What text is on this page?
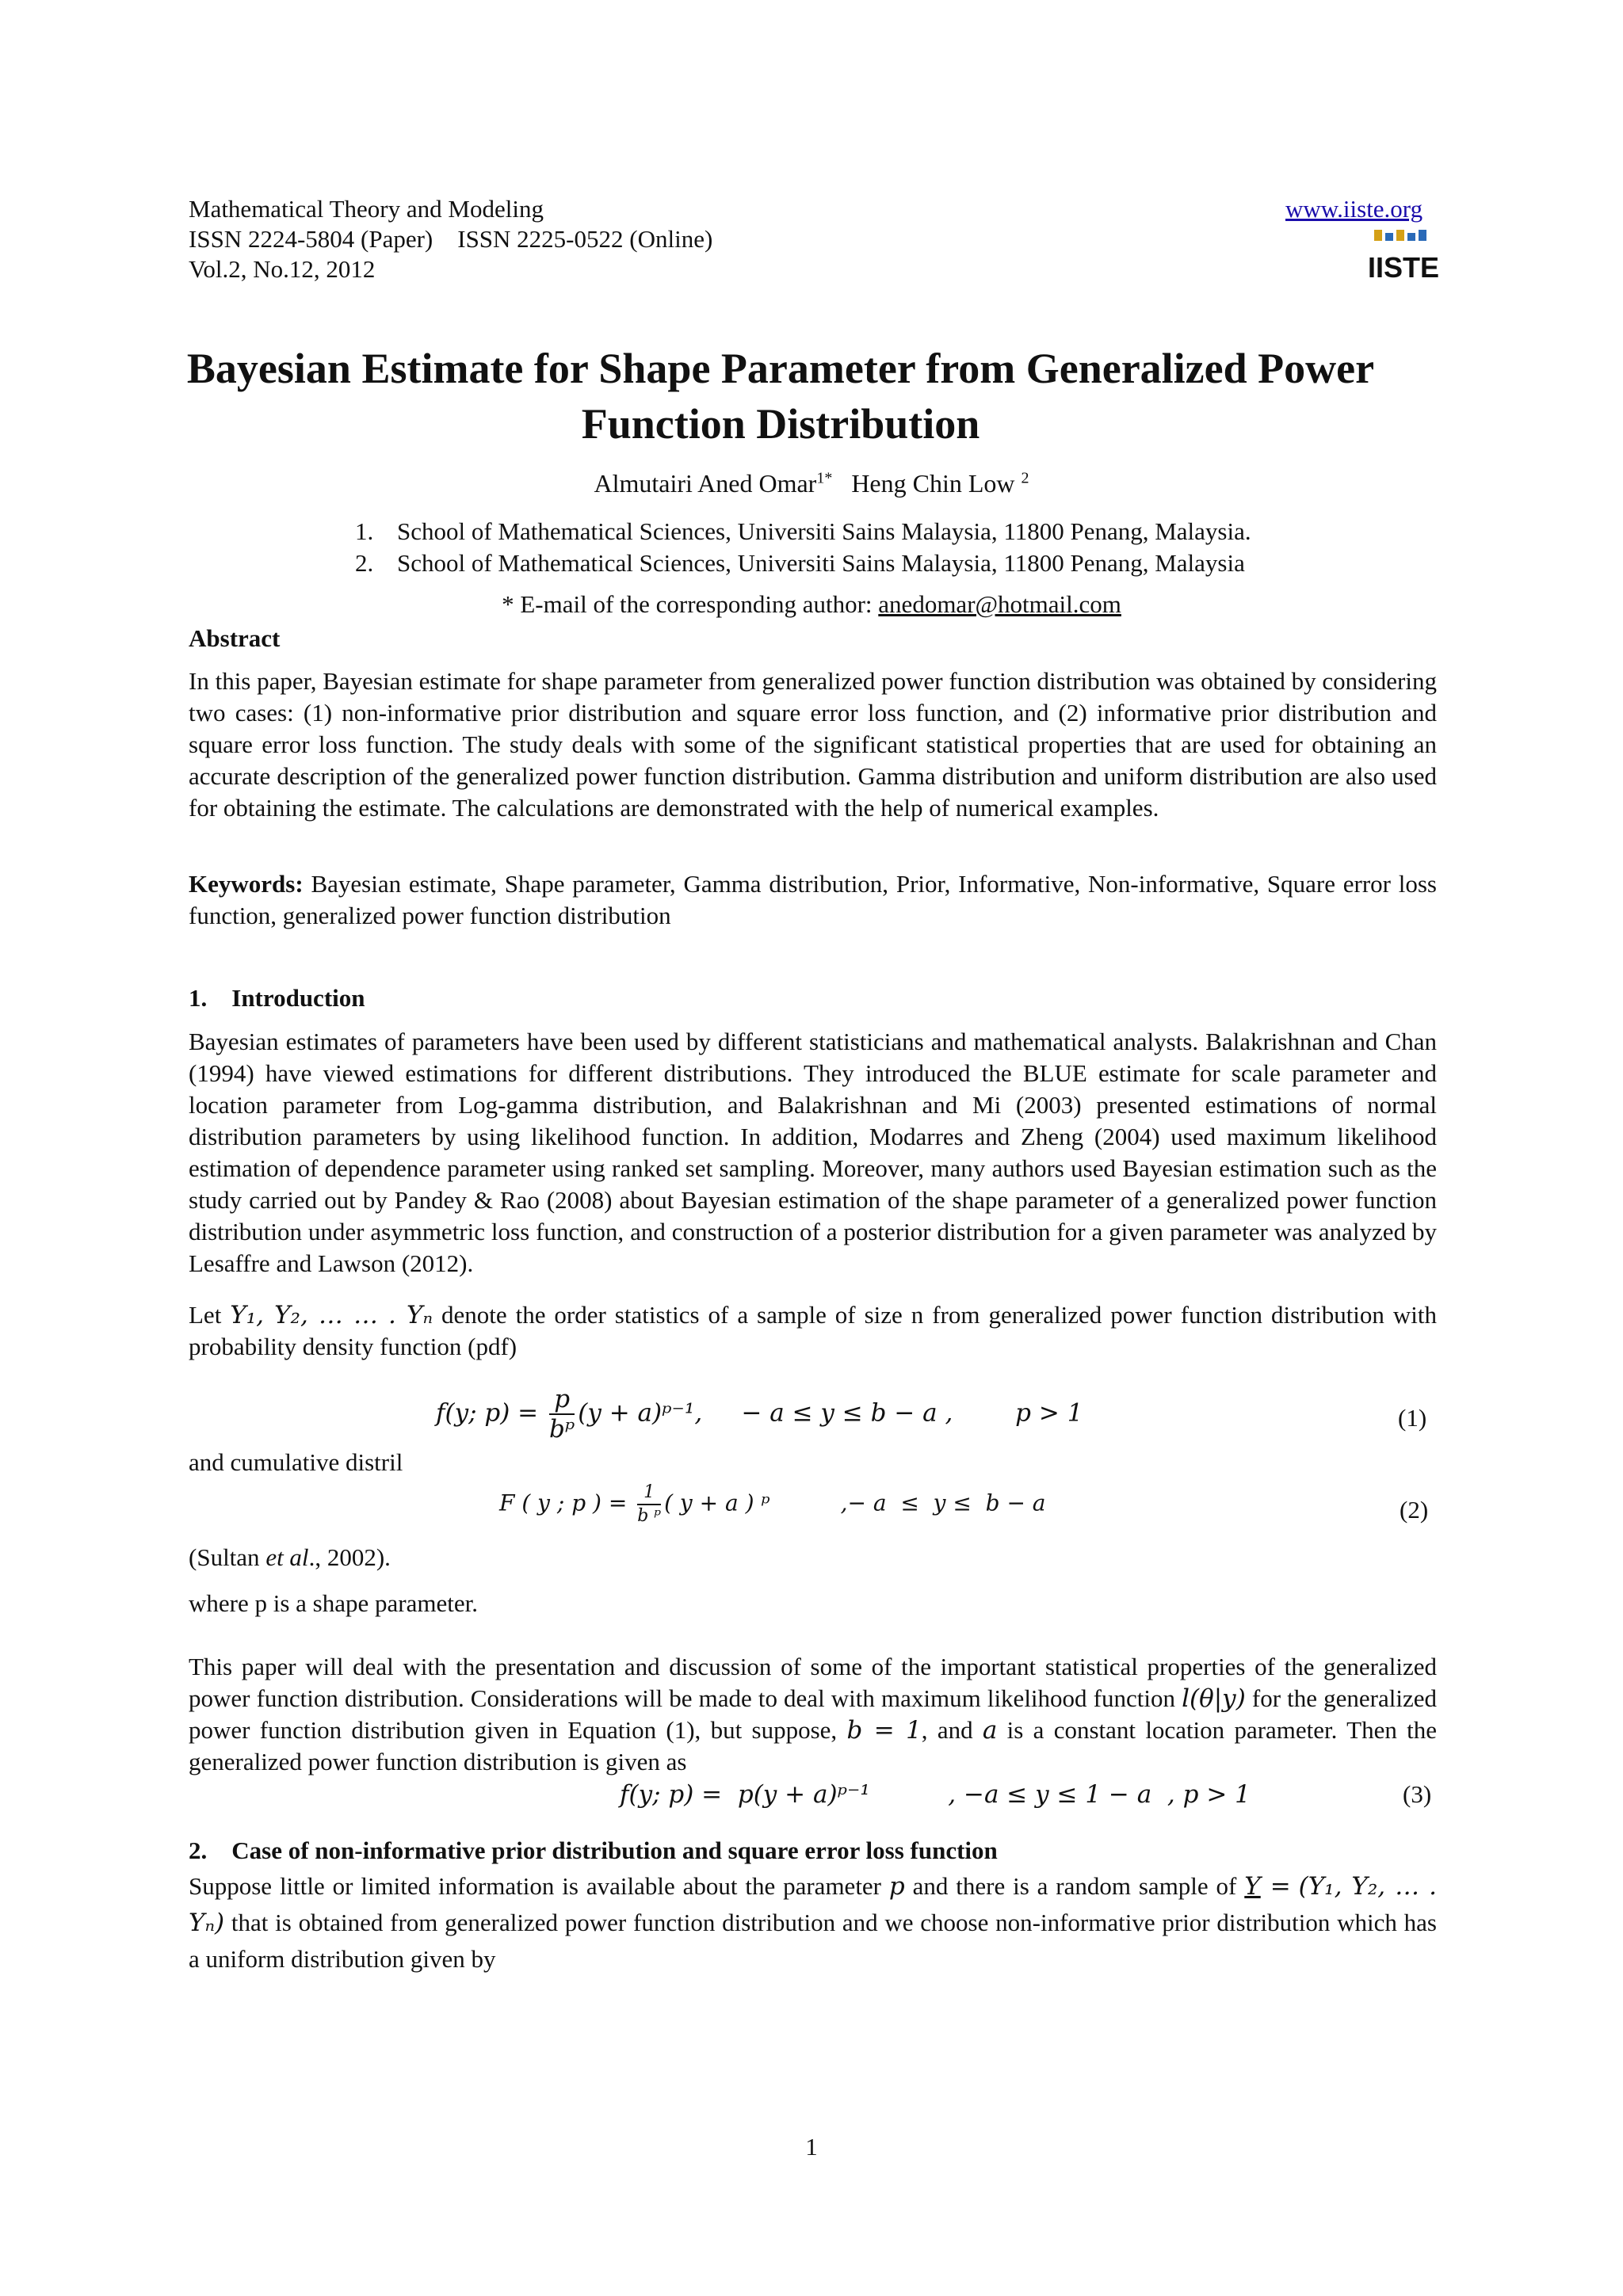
Mathematical Theory and Modeling
ISSN 2224-5804 (Paper)    ISSN 2225-0522 (Online)
Vol.2, No.12, 2012
www.iiste.org
IISTE
Bayesian Estimate for Shape Parameter from Generalized Power
Function Distribution
Almutairi Aned Omar$^{1*}$ Heng Chin Low $^2$
1. School of Mathematical Sciences, Universiti Sains Malaysia, 11800 Penang, Malaysia.
2. School of Mathematical Sciences, Universiti Sains Malaysia, 11800 Penang, Malaysia
* E-mail of the corresponding author: anedomar@hotmail.com
Abstract
In this paper, Bayesian estimate for shape parameter from generalized power function distribution was obtained by considering two cases: (1) non-informative prior distribution and square error loss function, and (2) informative prior distribution and square error loss function. The study deals with some of the significant statistical properties that are used for obtaining an accurate description of the generalized power function distribution. Gamma distribution and uniform distribution are also used for obtaining the estimate. The calculations are demonstrated with the help of numerical examples.
Keywords: Bayesian estimate, Shape parameter, Gamma distribution, Prior, Informative, Non-informative, Square error loss function, generalized power function distribution
1.    Introduction
Bayesian estimates of parameters have been used by different statisticians and mathematical analysts. Balakrishnan and Chan (1994) have viewed estimations for different distributions. They introduced the BLUE estimate for scale parameter and location parameter from Log-gamma distribution, and Balakrishnan and Mi (2003) presented estimations of normal distribution parameters by using likelihood function. In addition, Modarres and Zheng (2004) used maximum likelihood estimation of dependence parameter using ranked set sampling. Moreover, many authors used Bayesian estimation such as the study carried out by Pandey & Rao (2008) about Bayesian estimation of the shape parameter of a generalized power function distribution under asymmetric loss function, and construction of a posterior distribution for a given parameter was analyzed by Lesaffre and Lawson (2012).
Let Y₁, Y₂, … … . Yₙ denote the order statistics of a sample of size n from generalized power function distribution with probability density function (pdf)
f(y; $p) = \frac{p}{\text{bᵖ}} (y$ + a)ᵖ⁻¹,     − a ≤ y ≤ b − a ,        p > 1	(1)
and cumulative distril
F ( y ; p ) = $\frac{1}{\text{b ᵖ}}$ ( y + a ) ᵖ          ,− a  ≤  y ≤  b − a	(2)
(Sultan et al., 2002).
where p is a shape parameter.
This paper will deal with the presentation and discussion of some of the important statistical properties of the generalized power function distribution. Considerations will be made to deal with maximum likelihood function l(θ|y) for the generalized power function distribution given in Equation (1), but suppose, b = 1, and a is a constant location parameter. Then the generalized power function distribution is given as
f(y; p) =  p(y + a)ᵖ⁻¹          , −a ≤ y ≤ 1 − a  , p > 1	(3)
2.    Case of non-informative prior distribution and square error loss function
Suppose little or limited information is available about the parameter p and there is a random sample of Y = (Y₁, Y₂, … . Yₙ) that is obtained from generalized power function distribution and we choose non-informative prior distribution which has a uniform distribution given by
1
